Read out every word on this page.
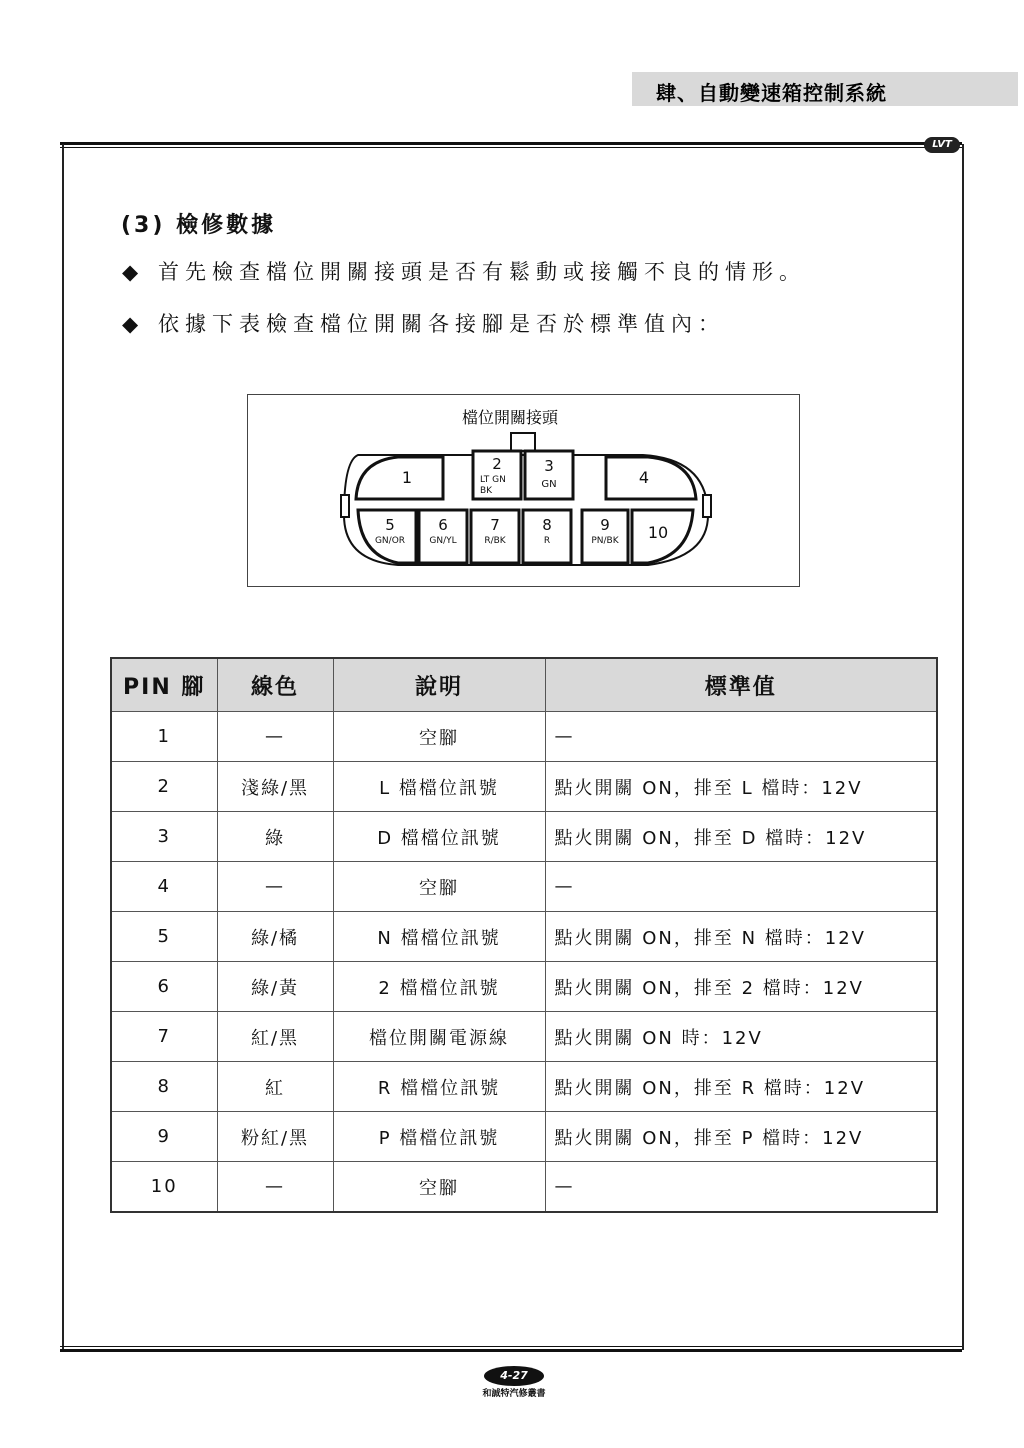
肆、自動變速箱控制系統
LVT
(3) 檢修數據
◆ 首先檢查檔位開關接頭是否有鬆動或接觸不良的情形。
◆ 依據下表檢查檔位開關各接腳是否於標準值內：
檔位開關接頭
1
2
LT GN
BK
3
GN	4
5
GN/OR
6
GN/YL
7
R/BK
8
R
9
PN/BK 10
PIN 腳	線色	說明	標準值
1	—	空腳	—
2	淺綠/黑	L 檔檔位訊號	點火開關 ON，排至 L 檔時：12V
3	綠	D 檔檔位訊號	點火開關 ON，排至 D 檔時：12V
4	—	空腳	—
5	綠/橘	N 檔檔位訊號	點火開關 ON，排至 N 檔時：12V
6	綠/黃	2 檔檔位訊號	點火開關 ON，排至 2 檔時：12V
7	紅/黑	檔位開關電源線	點火開關 ON 時：12V
8	紅	R 檔檔位訊號	點火開關 ON，排至 R 檔時：12V
9	粉紅/黑	P 檔檔位訊號	點火開關 ON，排至 P 檔時：12V
10	—	空腳	—
4-27
和誠特汽修叢書
